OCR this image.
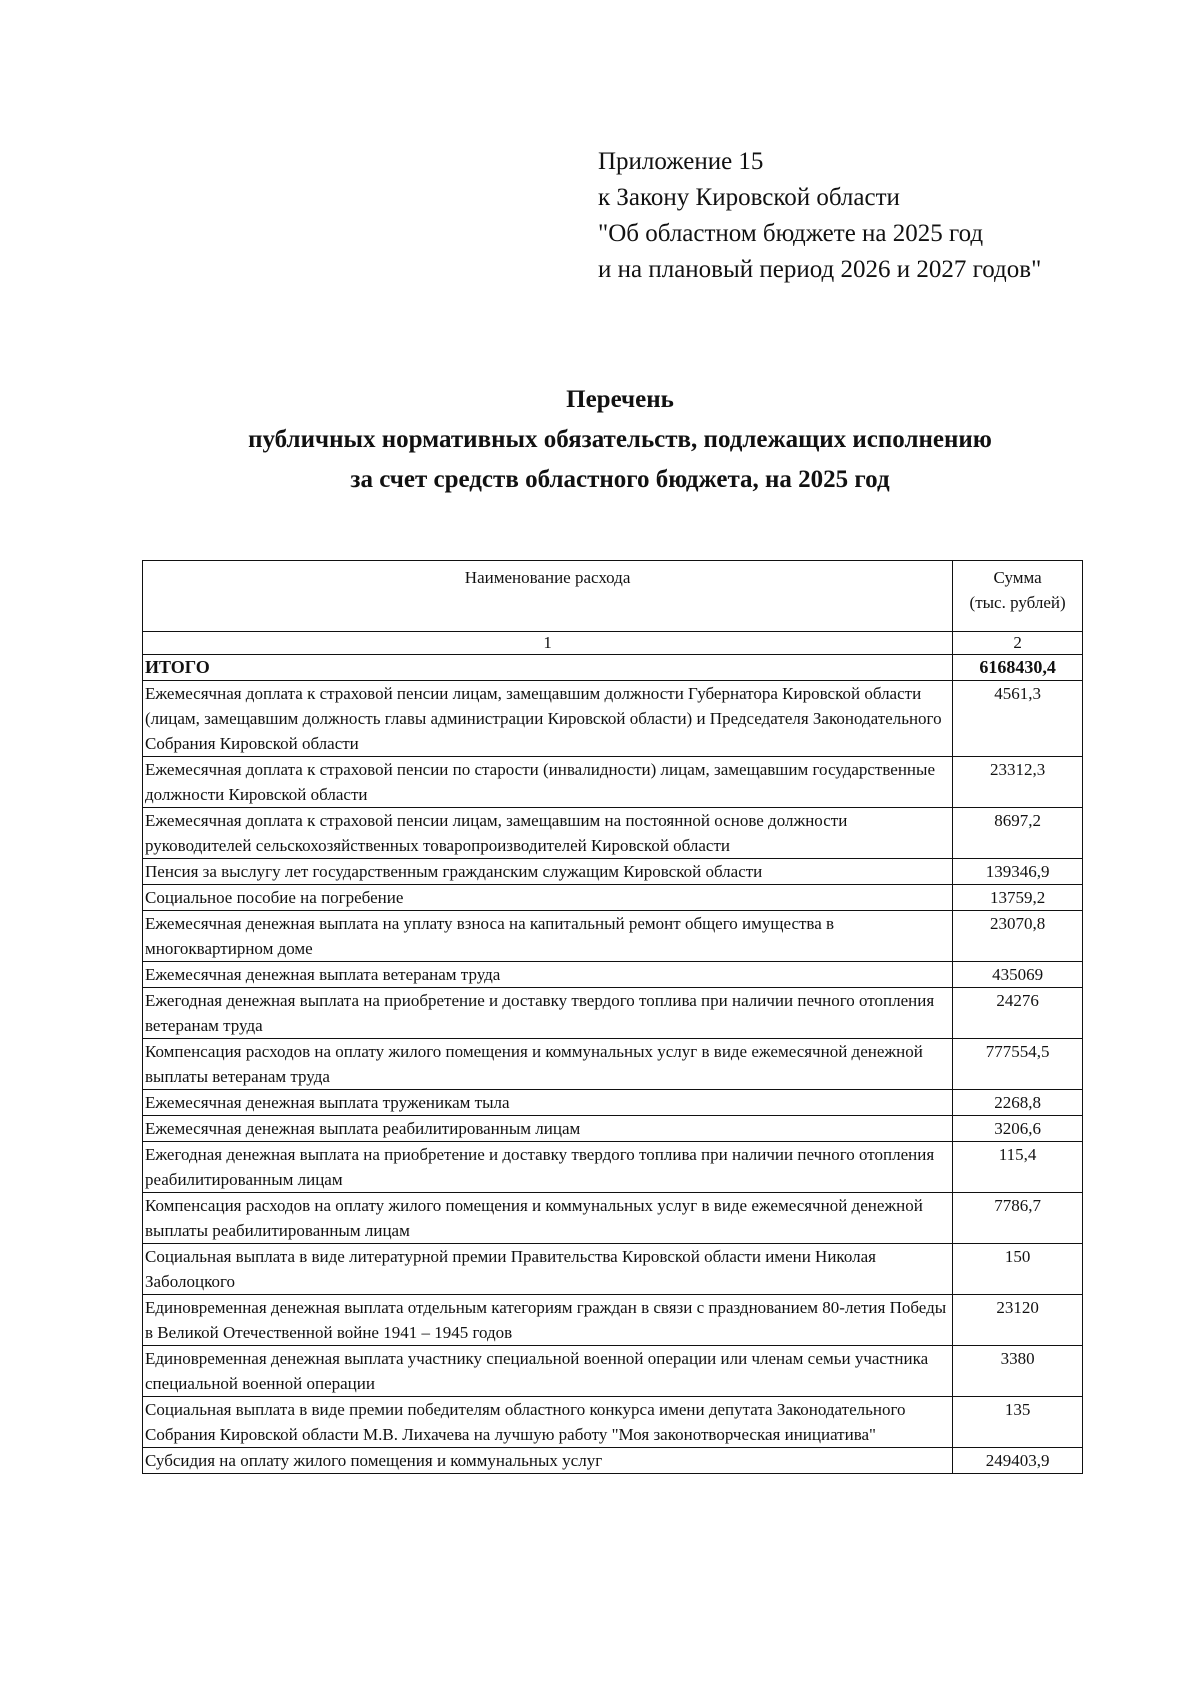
Приложение 15
к Закону Кировской области
"Об областном бюджете на 2025 год
и на плановый период 2026 и 2027 годов"
Перечень
публичных нормативных обязательств, подлежащих исполнению
за счет средств областного бюджета, на 2025 год
Наименование расхода	Сумма
(тыс. рублей)

1	2
ИТОГО	6168430,4
Ежемесячная доплата к страховой пенсии лицам, замещавшим должности Губернатора Кировской области (лицам, замещавшим должность главы администрации Кировской области) и Председателя Законодательного Собрания Кировской области	4561,3
Ежемесячная доплата к страховой пенсии по старости (инвалидности) лицам, замещавшим государственные должности Кировской области	23312,3
Ежемесячная доплата к страховой пенсии лицам, замещавшим на постоянной основе должности руководителей сельскохозяйственных товаропроизводителей Кировской области	8697,2
Пенсия за выслугу лет государственным гражданским служащим Кировской области	139346,9
Социальное пособие на погребение	13759,2
Ежемесячная денежная выплата на уплату взноса на капитальный ремонт общего имущества в многоквартирном доме	23070,8
Ежемесячная денежная выплата ветеранам труда	435069
Ежегодная денежная выплата на приобретение и доставку твердого топлива при наличии печного отопления ветеранам труда	24276
Компенсация расходов на оплату жилого помещения и коммунальных услуг в виде ежемесячной денежной выплаты ветеранам труда	777554,5
Ежемесячная денежная выплата труженикам тыла	2268,8
Ежемесячная денежная выплата реабилитированным лицам	3206,6
Ежегодная денежная выплата на приобретение и доставку твердого топлива при наличии печного отопления реабилитированным лицам	115,4
Компенсация расходов на оплату жилого помещения и коммунальных услуг в виде ежемесячной денежной выплаты реабилитированным лицам	7786,7
Социальная выплата в виде литературной премии Правительства Кировской области имени Николая Заболоцкого	150
Единовременная денежная выплата отдельным категориям граждан в связи с празднованием 80-летия Победы в Великой Отечественной войне 1941 – 1945 годов	23120
Единовременная денежная выплата участнику специальной военной операции или членам семьи участника специальной военной операции	3380
Социальная выплата в виде премии победителям областного конкурса имени депутата Законодательного Собрания Кировской области М.В. Лихачева на лучшую работу "Моя законотворческая инициатива"	135
Субсидия на оплату жилого помещения и коммунальных услуг	249403,9
